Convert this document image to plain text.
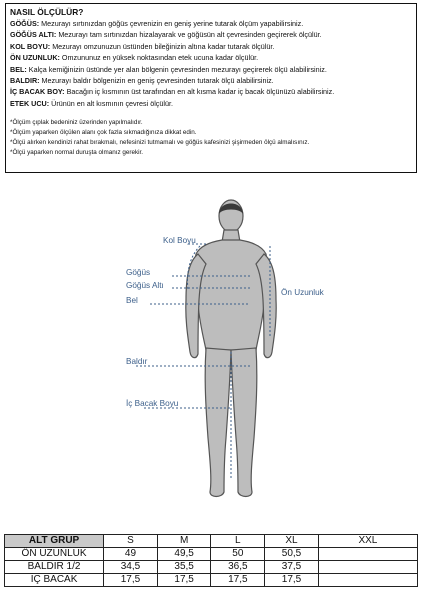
NASIL ÖLÇÜLÜR?
GÖĞÜS: Mezurayı sırtınızdan göğüs çevrenizin en geniş yerine tutarak ölçüm yapabilirsiniz.
GÖĞÜS ALTI: Mezurayı tam sırtınızdan hizalayarak ve göğüsün alt çevresinden geçirerek ölçülür.
KOL BOYU: Mezurayı omzunuzun üstünden bileğinizin altına kadar tutarak ölçülür.
ÖN UZUNLUK: Omzununuz en yüksek noktasından etek ucuna kadar ölçülür.
BEL: Kalça kemiğinizin üstünde yer alan bölgenin çevresinden mezurayı geçirerek ölçü alabilirsiniz.
BALDIR: Mezurayı baldır bölgenizin en geniş çevresinden tutarak ölçü alabilirsiniz.
İÇ BACAK BOY: Bacağın iç kısmının üst tarafından en alt kısma kadar iç bacak ölçünüzü alabilirsiniz.
ETEK UCU: Ürünün en alt kısmının çevresi ölçülür.
*Ölçüm çıplak bedeniniz üzerinden yapılmalıdır.
*Ölçüm yaparken ölçülen alanı çok fazla sıkmadığınıza dikkat edin.
*Ölçü alırken kendinizi rahat bırakmalı, nefesinizi tutmamalı ve göğüs kafesinizi şişirmeden ölçü almalısınız.
*Ölçü yaparken normal duruşta olmanız gerekir.
Kol Boyu
Göğüs
Göğüs Altı
Bel
Ön Uzunluk
Baldır
İç Bacak Boyu
ALT GRUP	S	M	L	XL	XXL
ÖN UZUNLUK	49	49,5	50	50,5	
BALDIR 1/2	34,5	35,5	36,5	37,5	
İÇ BACAK	17,5	17,5	17,5	17,5	
